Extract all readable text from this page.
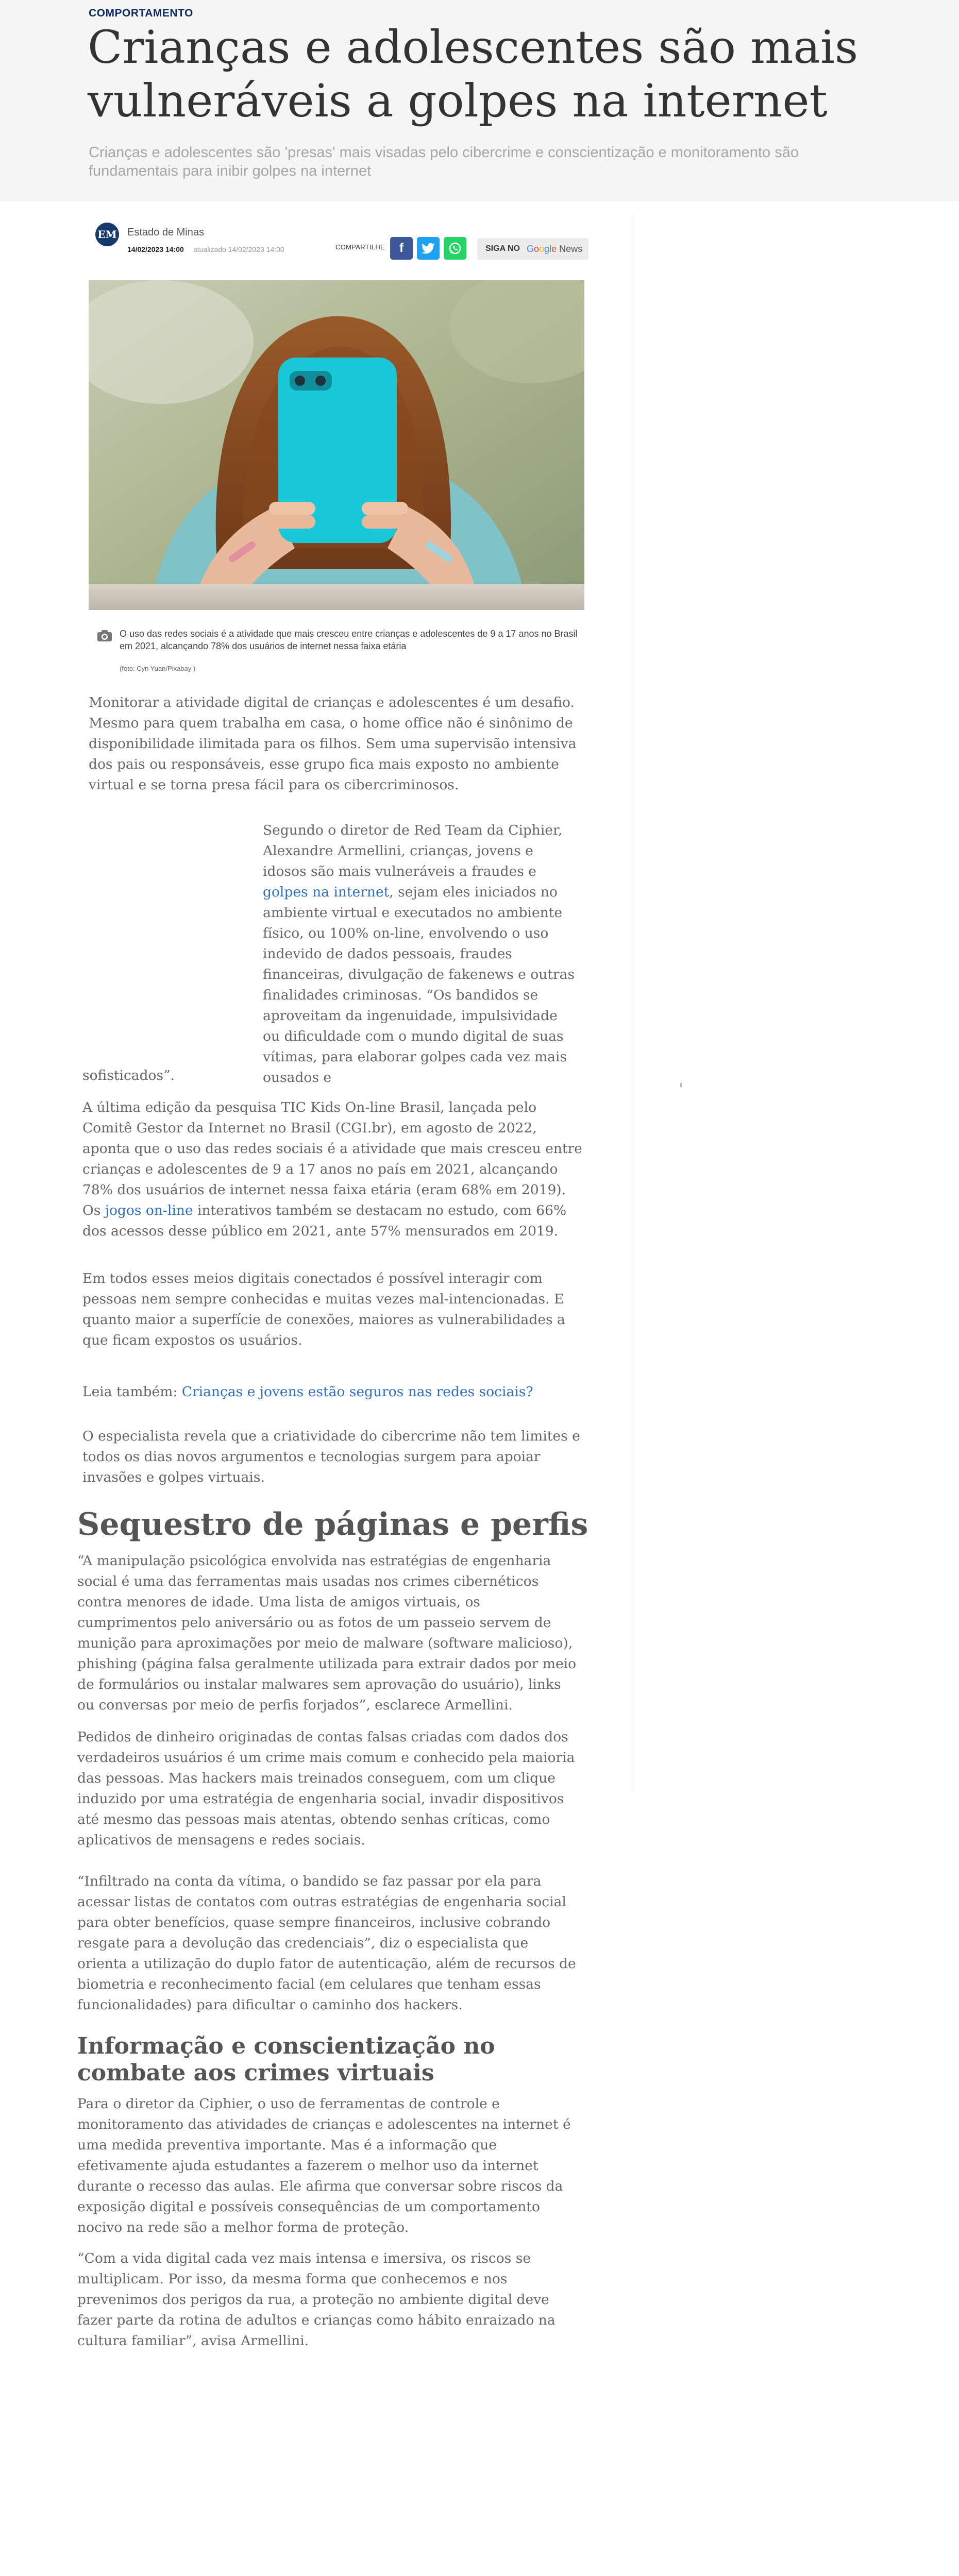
COMPORTAMENTO
Crianças e adolescentes são mais vulneráveis a golpes na internet

Crianças e adolescentes são 'presas' mais visadas pelo cibercrime e conscientização e monitoramento são fundamentais para inibir golpes na internet

EM Estado de Minas
14/02/2023 14:00 atualizado 14/02/2023 14:00	COMPARTILHE	f	SIGA NO Google News

O uso das redes sociais é a atividade que mais cresceu entre crianças e adolescentes de 9 a 17 anos no Brasil em 2021, alcançando 78% dos usuários de internet nessa faixa etária

(foto: Cyn Yuan/Pixabay )

Monitorar a atividade digital de crianças e adolescentes é um desafio. Mesmo para quem trabalha em casa, o home office não é sinônimo de disponibilidade ilimitada para os filhos. Sem uma supervisão intensiva dos pais ou responsáveis, esse grupo fica mais exposto no ambiente virtual e se torna presa fácil para os cibercriminosos.

Segundo o diretor de Red Team da Ciphier, Alexandre Armellini, crianças, jovens e idosos são mais vulneráveis a fraudes e golpes na internet, sejam eles iniciados no ambiente virtual e executados no ambiente físico, ou 100% on-line, envolvendo o uso indevido de dados pessoais, fraudes financeiras, divulgação de fakenews e outras finalidades criminosas. “Os bandidos se aproveitam da ingenuidade, impulsividade ou dificuldade com o mundo digital de suas vítimas, para elaborar golpes cada vez mais ousados e

sofisticados”.

A última edição da pesquisa TIC Kids On-line Brasil, lançada pelo Comitê Gestor da Internet no Brasil (CGI.br), em agosto de 2022, aponta que o uso das redes sociais é a atividade que mais cresceu entre crianças e adolescentes de 9 a 17 anos no país em 2021, alcançando 78% dos usuários de internet nessa faixa etária (eram 68% em 2019). Os jogos on-line interativos também se destacam no estudo, com 66% dos acessos desse público em 2021, ante 57% mensurados em 2019.

Em todos esses meios digitais conectados é possível interagir com pessoas nem sempre conhecidas e muitas vezes mal-intencionadas. E quanto maior a superfície de conexões, maiores as vulnerabilidades a que ficam expostos os usuários.

Leia também: Crianças e jovens estão seguros nas redes sociais?

O especialista revela que a criatividade do cibercrime não tem limites e todos os dias novos argumentos e tecnologias surgem para apoiar invasões e golpes virtuais.

Sequestro de páginas e perfis

“A manipulação psicológica envolvida nas estratégias de engenharia social é uma das ferramentas mais usadas nos crimes cibernéticos contra menores de idade. Uma lista de amigos virtuais, os cumprimentos pelo aniversário ou as fotos de um passeio servem de munição para aproximações por meio de malware (software malicioso), phishing (página falsa geralmente utilizada para extrair dados por meio de formulários ou instalar malwares sem aprovação do usuário), links ou conversas por meio de perfis forjados”, esclarece Armellini.

Pedidos de dinheiro originadas de contas falsas criadas com dados dos verdadeiros usuários é um crime mais comum e conhecido pela maioria das pessoas. Mas hackers mais treinados conseguem, com um clique induzido por uma estratégia de engenharia social, invadir dispositivos até mesmo das pessoas mais atentas, obtendo senhas críticas, como aplicativos de mensagens e redes sociais.

“Infiltrado na conta da vítima, o bandido se faz passar por ela para acessar listas de contatos com outras estratégias de engenharia social para obter benefícios, quase sempre financeiros, inclusive cobrando resgate para a devolução das credenciais”, diz o especialista que orienta a utilização do duplo fator de autenticação, além de recursos de biometria e reconhecimento facial (em celulares que tenham essas funcionalidades) para dificultar o caminho dos hackers.

Informação e conscientização no combate aos crimes virtuais

Para o diretor da Ciphier, o uso de ferramentas de controle e monitoramento das atividades de crianças e adolescentes na internet é uma medida preventiva importante. Mas é a informação que efetivamente ajuda estudantes a fazerem o melhor uso da internet durante o recesso das aulas. Ele afirma que conversar sobre riscos da exposição digital e possíveis consequências de um comportamento nocivo na rede são a melhor forma de proteção.

“Com a vida digital cada vez mais intensa e imersiva, os riscos se multiplicam. Por isso, da mesma forma que conhecemos e nos prevenimos dos perigos da rua, a proteção no ambiente digital deve fazer parte da rotina de adultos e crianças como hábito enraizado na cultura familiar”, avisa Armellini.
